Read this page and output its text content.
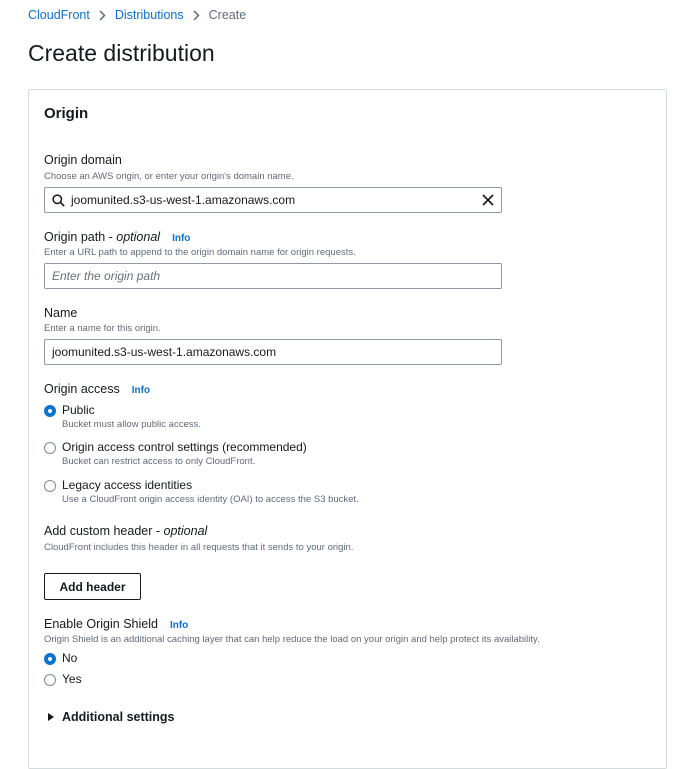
CloudFront Distributions Create
Create distribution
Origin
Origin domain
Choose an AWS origin, or enter your origin's domain name.
joomunited.s3-us-west-1.amazonaws.com
Origin path - optional Info
Enter a URL path to append to the origin domain name for origin requests.
Enter the origin path
Name
Enter a name for this origin.
joomunited.s3-us-west-1.amazonaws.com
Origin access Info
Public
Bucket must allow public access.
Origin access control settings (recommended)
Bucket can restrict access to only CloudFront.
Legacy access identities
Use a CloudFront origin access identity (OAI) to access the S3 bucket.
Add custom header - optional
CloudFront includes this header in all requests that it sends to your origin.
Add header
Enable Origin Shield Info
Origin Shield is an additional caching layer that can help reduce the load on your origin and help protect its availability.
No
Yes
Additional settings
